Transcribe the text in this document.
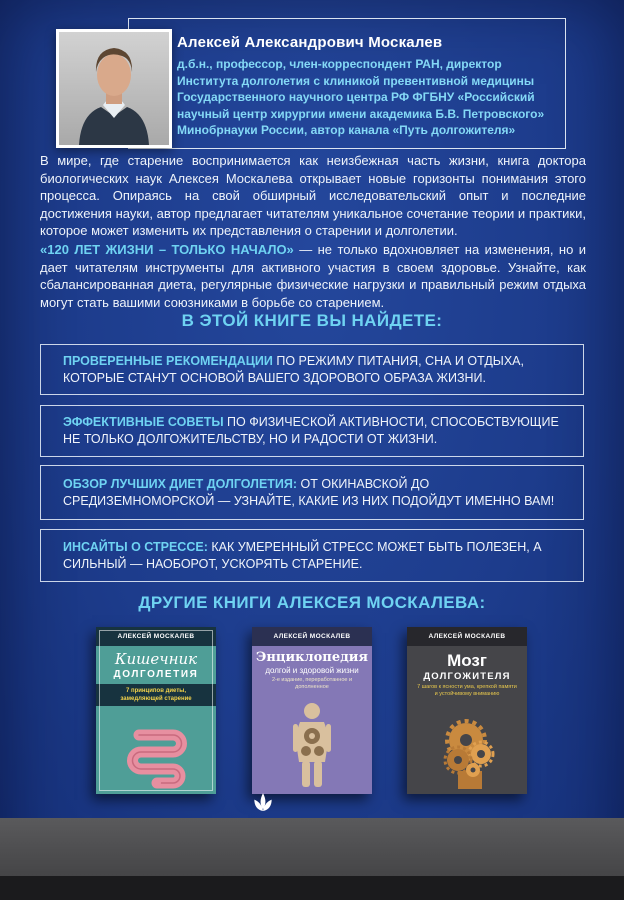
Алексей Александрович Москалев
д.б.н., профессор, член-корреспондент РАН, директор Института долголетия с клиникой превентивной медицины Государственного научного центра РФ ФГБНУ «Российский научный центр хирургии имени академика Б.В. Петровского» Минобрнауки России, автор канала «Путь долгожителя»

В мире, где старение воспринимается как неизбежная часть жизни, книга доктора биологических наук Алексея Москалева открывает новые горизонты понимания этого процесса. Опираясь на свой обширный исследовательский опыт и последние достижения науки, автор предлагает читателям уникальное сочетание теории и практики, которое может изменить их представления о старении и долголетии.

«120 ЛЕТ ЖИЗНИ – ТОЛЬКО НАЧАЛО» — не только вдохновляет на изменения, но и дает читателям инструменты для активного участия в своем здоровье. Узнайте, как сбалансированная диета, регулярные физические нагрузки и правильный режим отдыха могут стать вашими союзниками в борьбе со старением.

В ЭТОЙ КНИГЕ ВЫ НАЙДЕТЕ:

ПРОВЕРЕННЫЕ РЕКОМЕНДАЦИИ ПО РЕЖИМУ ПИТАНИЯ, СНА И ОТДЫХА, КОТОРЫЕ СТАНУТ ОСНОВОЙ ВАШЕГО ЗДОРОВОГО ОБРАЗА ЖИЗНИ.

ЭФФЕКТИВНЫЕ СОВЕТЫ ПО ФИЗИЧЕСКОЙ АКТИВНОСТИ, СПОСОБСТВУЮЩИЕ НЕ ТОЛЬКО ДОЛГОЖИТЕЛЬСТВУ, НО И РАДОСТИ ОТ ЖИЗНИ.

ОБЗОР ЛУЧШИХ ДИЕТ ДОЛГОЛЕТИЯ: ОТ ОКИНАВСКОЙ ДО СРЕДИЗЕМНОМОРСКОЙ — УЗНАЙТЕ, КАКИЕ ИЗ НИХ ПОДОЙДУТ ИМЕННО ВАМ!

ИНСАЙТЫ О СТРЕССЕ: КАК УМЕРЕННЫЙ СТРЕСС МОЖЕТ БЫТЬ ПОЛЕЗЕН, А СИЛЬНЫЙ — НАОБОРОТ, УСКОРЯТЬ СТАРЕНИЕ.

ДРУГИЕ КНИГИ АЛЕКСЕЯ МОСКАЛЕВА:
АЛЕКСЕЙ МОСКАЛЕВ
Кишечник
ДОЛГОЛЕТИЯ
7 принципов диеты, замедляющей старение
АЛЕКСЕЙ МОСКАЛЕВ
Энциклопедия
долгой и здоровой жизни
2-е издание, переработанное и дополненное
АЛЕКСЕЙ МОСКАЛЕВ
Мозг
ДОЛГОЖИТЕЛЯ
7 шагов к ясности ума, крепкой памяти и устойчивому вниманию
